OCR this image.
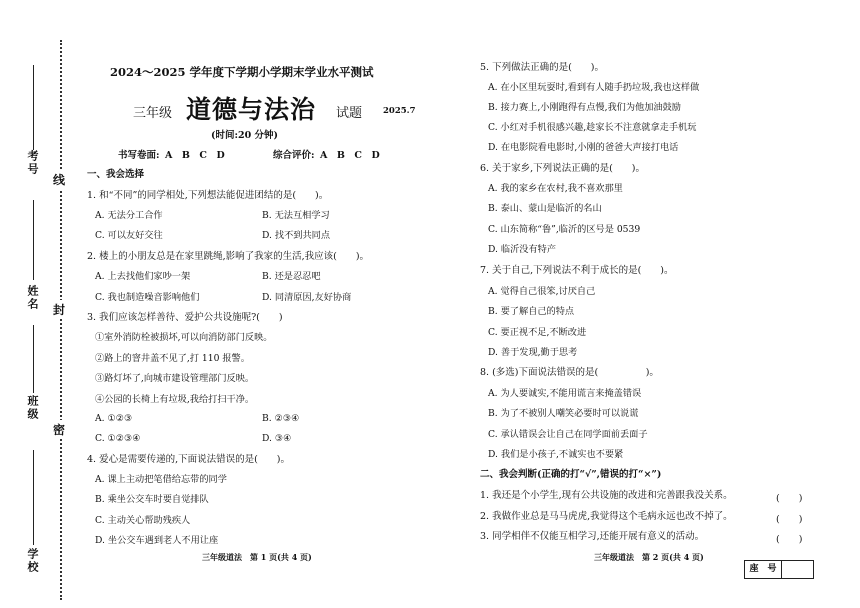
线
封
密
考号
姓名
班级
学校
2024～2025 学年度下学期小学期末学业水平测试
三年级 道德与法治 试题 2025.7
(时间:20 分钟)
书写卷面: A　B　C　D	综合评价: A　B　C　D
一、我会选择
1. 和“不同”的同学相处,下列想法能促进团结的是(　　)。
A. 无法分工合作	B. 无法互相学习
C. 可以友好交往	D. 找不到共同点
2. 楼上的小朋友总是在家里跳绳,影响了我家的生活,我应该(　　)。
A. 上去找他们家吵一架	B. 还是忍忍吧
C. 我也制造噪音影响他们	D. 同清原因,友好协商
3. 我们应该怎样善待、爱护公共设施呢?(　　)
①室外消防栓被损坏,可以向消防部门反映。
②路上的窨井盖不见了,打 110 报警。
③路灯坏了,向城市建设管理部门反映。
④公园的长椅上有垃圾,我给打扫干净。
A. ①②③	B. ②③④
C. ①②③④	D. ③④
4. 爱心是需要传递的,下面说法错误的是(　　)。
A. 课上主动把笔借给忘带的同学
B. 乘坐公交车时要自觉排队
C. 主动关心帮助残疾人
D. 坐公交车遇到老人不用让座
三年级道法　第 1 页(共 4 页)
5. 下列做法正确的是(　　)。
A. 在小区里玩耍时,看到有人随手扔垃圾,我也这样做
B. 接力赛上,小刚跑得有点慢,我们为他加油鼓励
C. 小红对手机很感兴趣,趁家长不注意就拿走手机玩
D. 在电影院看电影时,小刚的爸爸大声接打电话
6. 关于家乡,下列说法正确的是(　　)。
A. 我的家乡在农村,我不喜欢那里
B. 泰山、蒙山是临沂的名山
C. 山东简称“鲁”,临沂的区号是 0539
D. 临沂没有特产
7. 关于自己,下列说法不利于成长的是(　　)。
A. 觉得自己很笨,讨厌自己
B. 要了解自己的特点
C. 要正视不足,不断改进
D. 善于发现,勤于思考
8. (多选)下面说法错误的是(　　　　　)。
A. 为人要诚实,不能用谎言来掩盖错误
B. 为了不被别人嘲笑必要时可以说谎
C. 承认错误会让自己在同学面前丢面子
D. 我们是小孩子,不诚实也不要紧
二、我会判断(正确的打“√”,错误的打“×”)
1. 我还是个小学生,现有公共设施的改进和完善跟我没关系。	(　　)
2. 我做作业总是马马虎虎,我觉得这个毛病永远也改不掉了。	(　　)
3. 同学相伴不仅能互相学习,还能开展有意义的活动。	(　　)
三年级道法　第 2 页(共 4 页)
座　号
